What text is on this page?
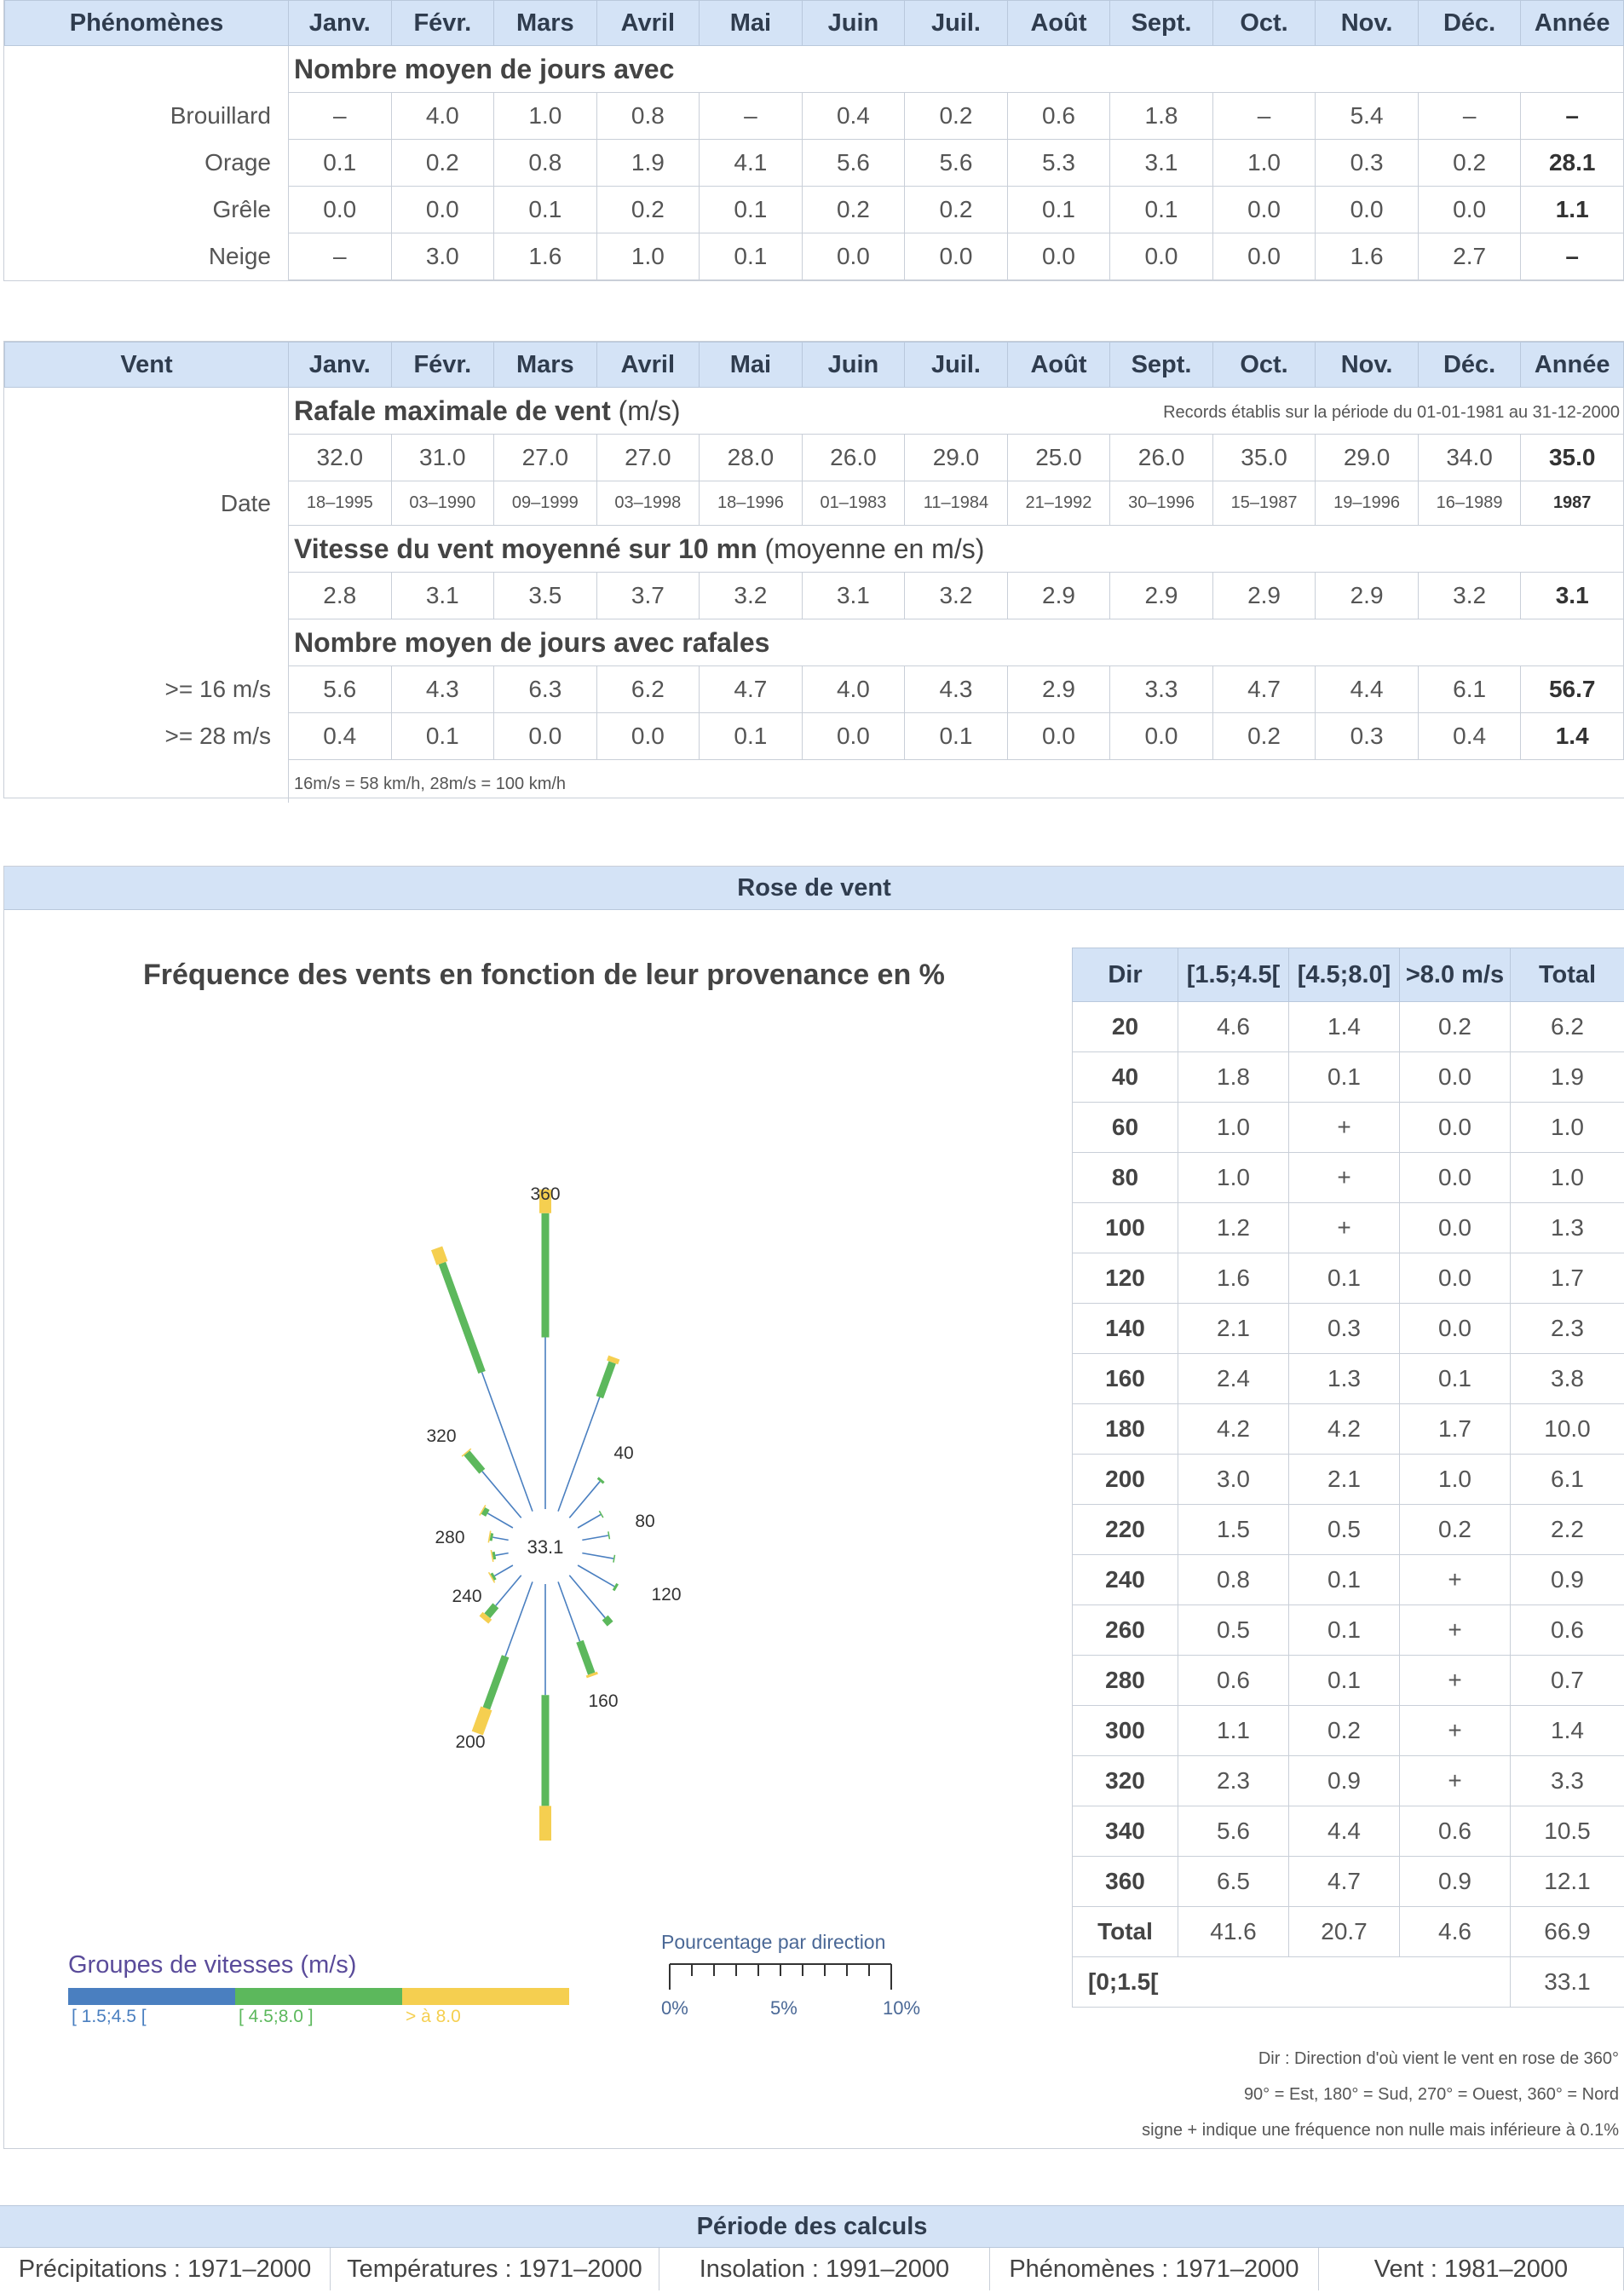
Phénomènes	Janv.	Févr.	Mars	Avril	Mai	Juin	Juil.	Août	Sept.	Oct.	Nov.	Déc.	Année
	Nombre moyen de jours avec												
Brouillard	–	4.0	1.0	0.8	–	0.4	0.2	0.6	1.8	–	5.4	–	–
Orage	0.1	0.2	0.8	1.9	4.1	5.6	5.6	5.3	3.1	1.0	0.3	0.2	28.1
Grêle	0.0	0.0	0.1	0.2	0.1	0.2	0.2	0.1	0.1	0.0	0.0	0.0	1.1
Neige	–	3.0	1.6	1.0	0.1	0.0	0.0	0.0	0.0	0.0	1.6	2.7	–
Vent	Janv.	Févr.	Mars	Avril	Mai	Juin	Juil.	Août	Sept.	Oct.	Nov.	Déc.	Année
	Rafale maximale de vent (m/s) Records établis sur la période du 01-01-1981 au 31-12-2000												

	32.0	31.0	27.0	27.0	28.0	26.0	29.0	25.0	26.0	35.0	29.0	34.0	35.0
Date	18–1995	03–1990	09–1999	03–1998	18–1996	01–1983	11–1984	21–1992	30–1996	15–1987	19–1996	16–1989	1987
	Vitesse du vent moyenné sur 10 mn (moyenne en m/s)												
	2.8	3.1	3.5	3.7	3.2	3.1	3.2	2.9	2.9	2.9	2.9	3.2	3.1
	Nombre moyen de jours avec rafales												
>= 16 m/s	5.6	4.3	6.3	6.2	4.7	4.0	4.3	2.9	3.3	4.7	4.4	6.1	56.7
>= 28 m/s	0.4	0.1	0.0	0.0	0.1	0.0	0.1	0.0	0.0	0.2	0.3	0.4	1.4
	16m/s = 58 km/h, 28m/s = 100 km/h												
Rose de vent
Fréquence des vents en fonction de leur provenance en %
33.1
360
40
80
120
160
200
240
280
320
Groupes de vitesses (m/s)
[ 1.5;4.5 [	[ 4.5;8.0 ]	> à 8.0
Pourcentage par direction
0%	5%	10%
Dir	[1.5;4.5[	[4.5;8.0]	>8.0 m/s	Total
20	4.6	1.4	0.2	6.2
40	1.8	0.1	0.0	1.9
60	1.0	+	0.0	1.0
80	1.0	+	0.0	1.0
100	1.2	+	0.0	1.3
120	1.6	0.1	0.0	1.7
140	2.1	0.3	0.0	2.3
160	2.4	1.3	0.1	3.8
180	4.2	4.2	1.7	10.0
200	3.0	2.1	1.0	6.1
220	1.5	0.5	0.2	2.2
240	0.8	0.1	+	0.9
260	0.5	0.1	+	0.6
280	0.6	0.1	+	0.7
300	1.1	0.2	+	1.4
320	2.3	0.9	+	3.3
340	5.6	4.4	0.6	10.5
360	6.5	4.7	0.9	12.1
Total	41.6	20.7	4.6	66.9
[0;1.5[				33.1
Dir : Direction d'où vient le vent en rose de 360°
90° = Est, 180° = Sud, 270° = Ouest, 360° = Nord
signe + indique une fréquence non nulle mais inférieure à 0.1%
Période des calculs
Précipitations : 1971–2000	Températures : 1971–2000	Insolation : 1991–2000	Phénomènes : 1971–2000	Vent : 1981–2000
